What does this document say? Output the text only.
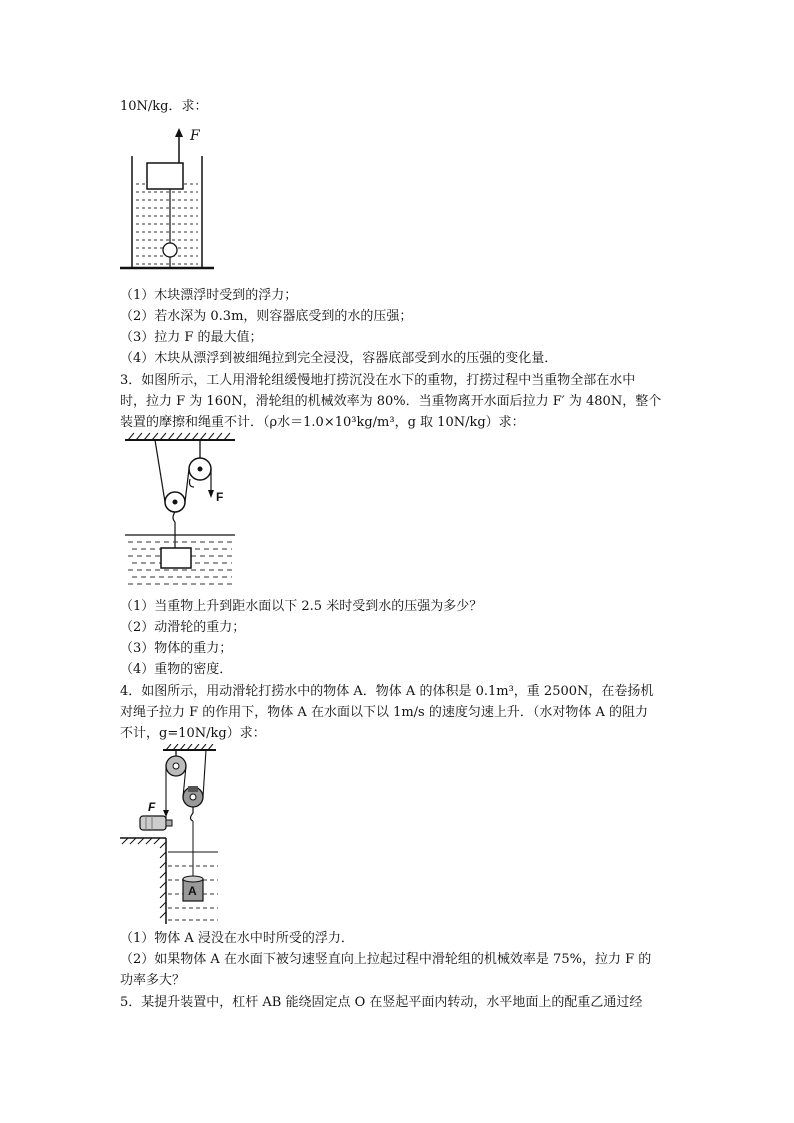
10N/kg．求：
F
（1）木块漂浮时受到的浮力；
（2）若水深为 0.3m，则容器底受到的水的压强；
（3）拉力 F 的最大值；
（4）木块从漂浮到被细绳拉到完全浸没，容器底部受到水的压强的变化量．
3．如图所示，工人用滑轮组缓慢地打捞沉没在水下的重物，打捞过程中当重物全部在水中
时，拉力 F 为 160N，滑轮组的机械效率为 80%．当重物离开水面后拉力 F′ 为 480N，整个
装置的摩擦和绳重不计．（ρ水＝1.0×10³kg/m³，g 取 10N/kg）求：
F
（1）当重物上升到距水面以下 2.5 米时受到水的压强为多少？
（2）动滑轮的重力；
（3）物体的重力；
（4）重物的密度．
4．如图所示，用动滑轮打捞水中的物体 A．物体 A 的体积是 0.1m³，重 2500N，在卷扬机
对绳子拉力 F 的作用下，物体 A 在水面以下以 1m/s 的速度匀速上升．（水对物体 A 的阻力
不计，g=10N/kg）求：
F
A
（1）物体 A 浸没在水中时所受的浮力．
（2）如果物体 A 在水面下被匀速竖直向上拉起过程中滑轮组的机械效率是 75%，拉力 F 的
功率多大？
5．某提升装置中，杠杆 AB 能绕固定点 O 在竖起平面内转动，水平地面上的配重乙通过经
